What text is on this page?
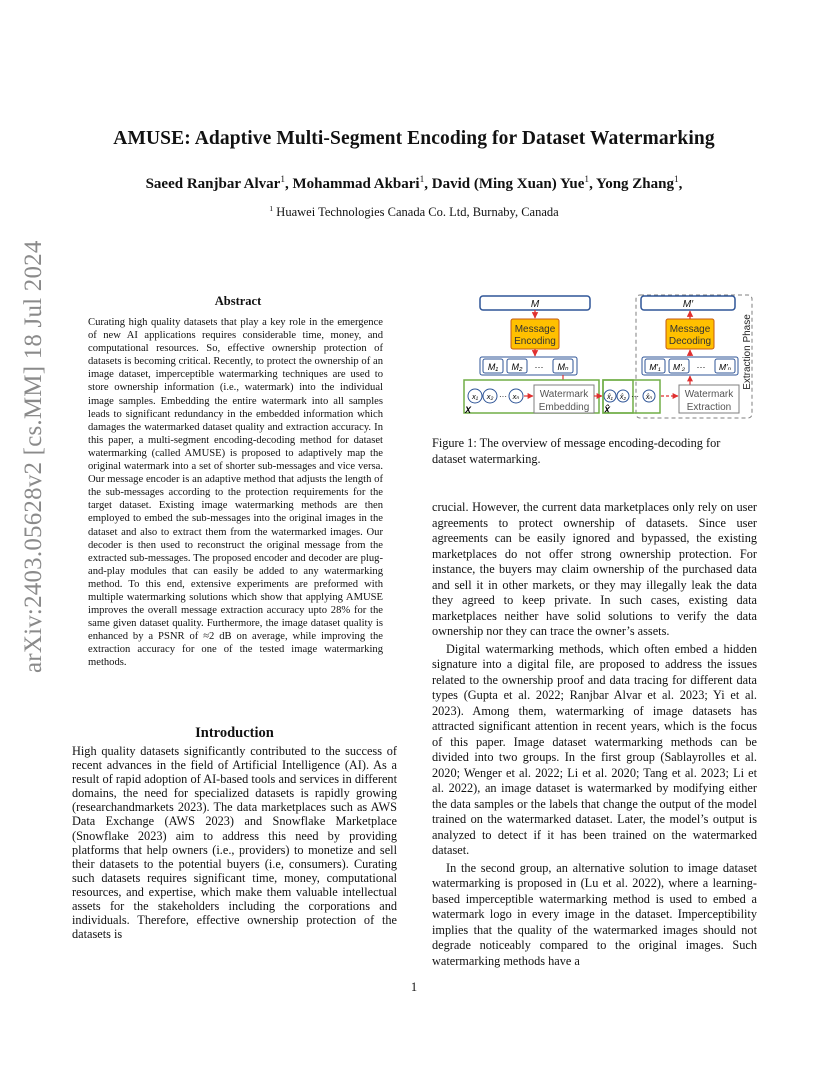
arXiv:2403.05628v2 [cs.MM] 18 Jul 2024
AMUSE: Adaptive Multi-Segment Encoding for Dataset Watermarking
Saeed Ranjbar Alvar$^1$, Mohammad Akbari$^1$, David (Ming Xuan) Yue$^1$, Yong Zhang$^1$,
$^1$ Huawei Technologies Canada Co. Ltd, Burnaby, Canada
Abstract
Curating high quality datasets that play a key role in the emergence of new AI applications requires considerable time, money, and computational resources. So, effective ownership protection of datasets is becoming critical. Recently, to protect the ownership of an image dataset, imperceptible watermarking techniques are used to store ownership information (i.e., watermark) into the individual image samples. Embedding the entire watermark into all samples leads to significant redundancy in the embedded information which damages the watermarked dataset quality and extraction accuracy. In this paper, a multi-segment encoding-decoding method for dataset watermarking (called AMUSE) is proposed to adaptively map the original watermark into a set of shorter sub-messages and vice versa. Our message encoder is an adaptive method that adjusts the length of the sub-messages according to the protection requirements for the target dataset. Existing image watermarking methods are then employed to embed the sub-messages into the original images in the dataset and also to extract them from the watermarked images. Our decoder is then used to reconstruct the original message from the extracted sub-messages. The proposed encoder and decoder are plug-and-play modules that can easily be added to any watermarking method. To this end, extensive experiments are preformed with multiple watermarking solutions which show that applying AMUSE improves the overall message extraction accuracy upto 28% for the same given dataset quality. Furthermore, the image dataset quality is enhanced by a PSNR of ≈2 dB on average, while improving the extraction accuracy for one of the tested image watermarking methods.
Introduction
High quality datasets significantly contributed to the success of recent advances in the field of Artificial Intelligence (AI). As a result of rapid adoption of AI-based tools and services in different domains, the need for specialized datasets is rapidly growing (researchandmarkets 2023). The data marketplaces such as AWS Data Exchange (AWS 2023) and Snowflake Marketplace (Snowflake 2023) aim to address this need by providing platforms that help owners (i.e., providers) to monetize and sell their datasets to the potential buyers (i.e, consumers). Curating such datasets requires significant time, money, computational resources, and expertise, which make them valuable intellectual assets for the stakeholders including the corporations and individuals. Therefore, effective ownership protection of the datasets is
Extraction Phase
M	M′
Message
Encoding
Message
Decoding
M₁ M₂ ··· Mₙ	M′₁ M′₂ ··· M′ₙ
x₁ x₂ ··· xₙ
X
Watermark
Embedding
x̂₁ x̂₂
X̂
··· x̂ₙ	Watermark
Extraction
Figure 1: The overview of message encoding-decoding for dataset watermarking.

crucial. However, the current data marketplaces only rely on user agreements to protect ownership of datasets. Since user agreements can be easily ignored and bypassed, the existing marketplaces do not offer strong ownership protection. For instance, the buyers may claim ownership of the purchased data and sell it in other markets, or they may illegally leak the data they agreed to keep private. In such cases, existing data marketplaces neither have solid solutions to verify the data ownership nor they can trace the owner’s assets.

Digital watermarking methods, which often embed a hidden signature into a digital file, are proposed to address the issues related to the ownership proof and data tracing for different data types (Gupta et al. 2022; Ranjbar Alvar et al. 2023; Yi et al. 2023). Among them, watermarking of image datasets has attracted significant attention in recent years, which is the focus of this paper. Image dataset watermarking methods can be divided into two groups. In the first group (Sablayrolles et al. 2020; Wenger et al. 2022; Li et al. 2020; Tang et al. 2023; Li et al. 2022), an image dataset is watermarked by modifying either the data samples or the labels that change the output of the model trained on the watermarked dataset. Later, the model’s output is analyzed to detect if it has been trained on the watermarked dataset.

In the second group, an alternative solution to image dataset watermarking is proposed in (Lu et al. 2022), where a learning-based imperceptible watermarking method is used to embed a watermark logo in every image in the dataset. Imperceptibility implies that the quality of the watermarked images should not degrade noticeably compared to the original images. Such watermarking methods have a

1
